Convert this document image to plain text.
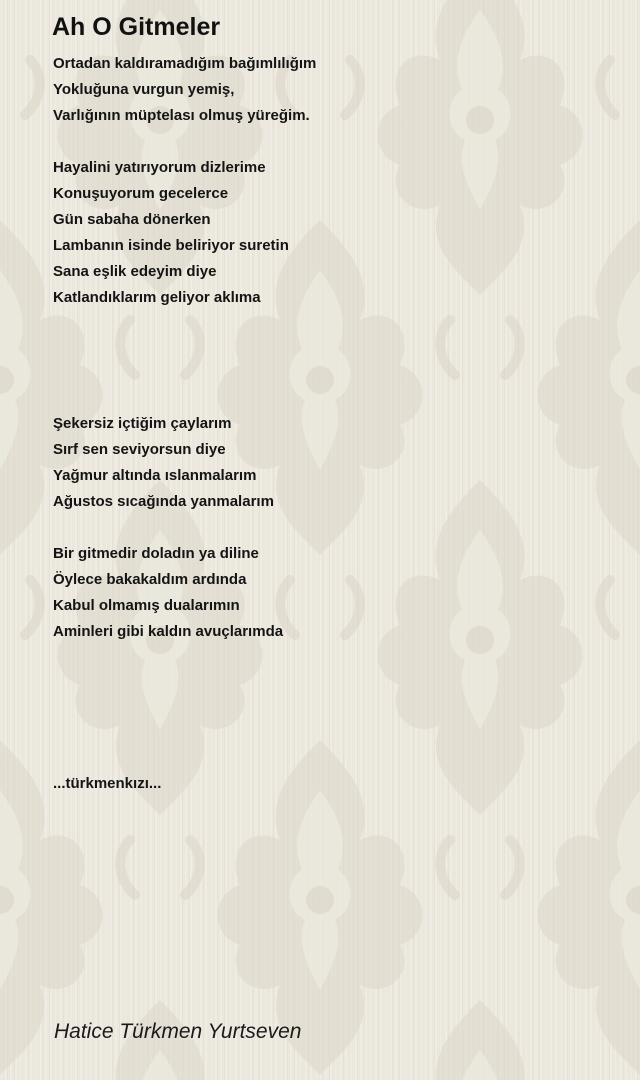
Ah O Gitmeler
Ortadan kaldıramadığım bağımlılığım
Yokluğuna vurgun yemiş,
Varlığının müptelası olmuş yüreğim.
Hayalini yatırıyorum dizlerime
Konuşuyorum gecelerce
Gün sabaha dönerken
Lambanın isinde beliriyor suretin
Sana eşlik edeyim diye
Katlandıklarım geliyor aklıma
Şekersiz içtiğim çaylarım
Sırf sen seviyorsun diye
Yağmur altında ıslanmalarım
Ağustos sıcağında yanmalarım
Bir gitmedir doladın ya diline
Öylece bakakaldım ardında
Kabul olmamış dualarımın
Aminleri gibi kaldın avuçlarımda
...türkmenkızı...
Hatice Türkmen Yurtseven
